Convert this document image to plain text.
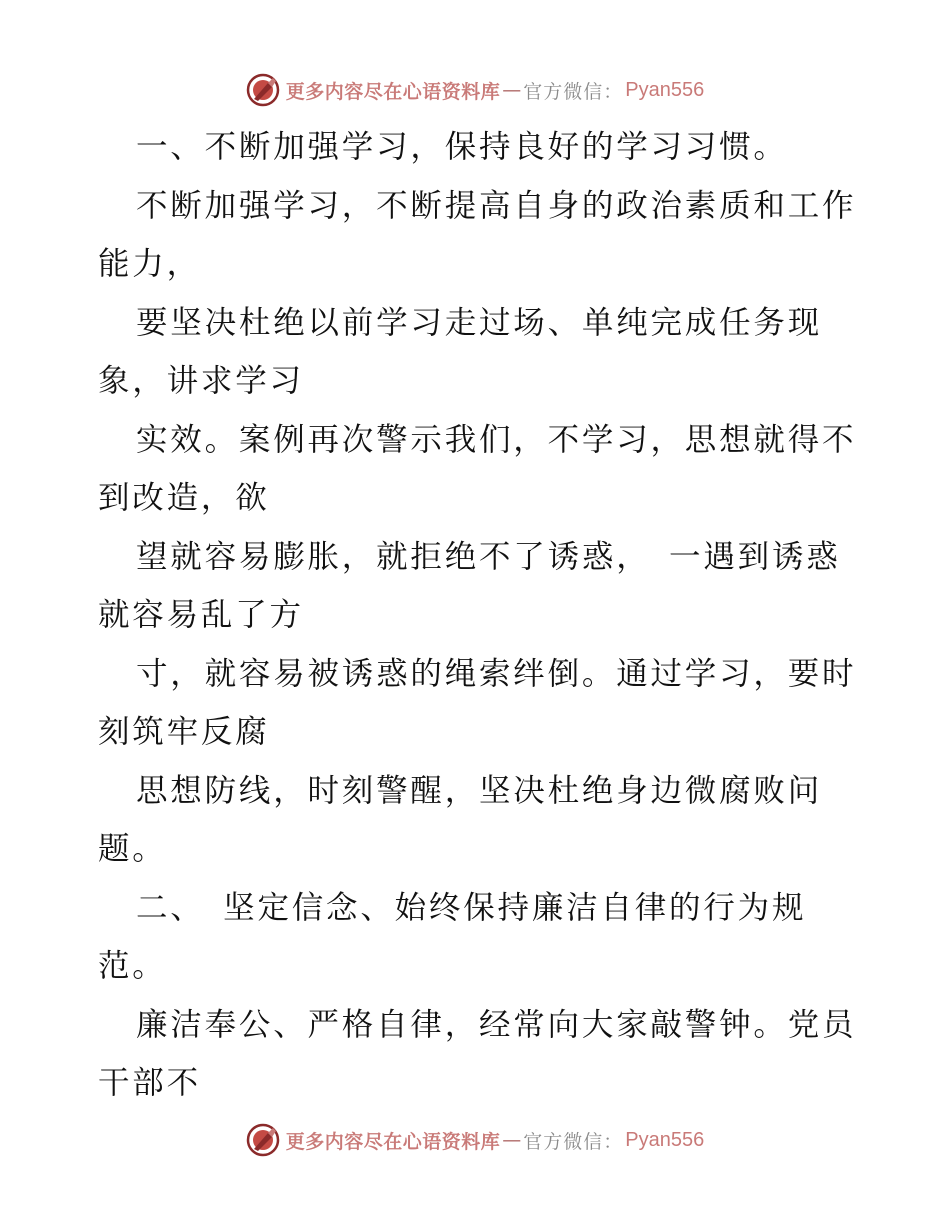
更多内容尽在心语资料库 — 官方微信： Pyan556
一、不断加强学习，保持良好的学习习惯。
不断加强学习，不断提高自身的政治素质和工作
能力，
要坚决杜绝以前学习走过场、单纯完成任务现
象，讲求学习
实效。案例再次警示我们，不学习，思想就得不
到改造，欲
望就容易膨胀，就拒绝不了诱惑，　一遇到诱惑
就容易乱了方
寸，就容易被诱惑的绳索绊倒。通过学习，要时
刻筑牢反腐
思想防线，时刻警醒，坚决杜绝身边微腐败问
题。
二、　坚定信念、始终保持廉洁自律的行为规
范。
廉洁奉公、严格自律，经常向大家敲警钟。党员
干部不
更多内容尽在心语资料库 — 官方微信： Pyan556
